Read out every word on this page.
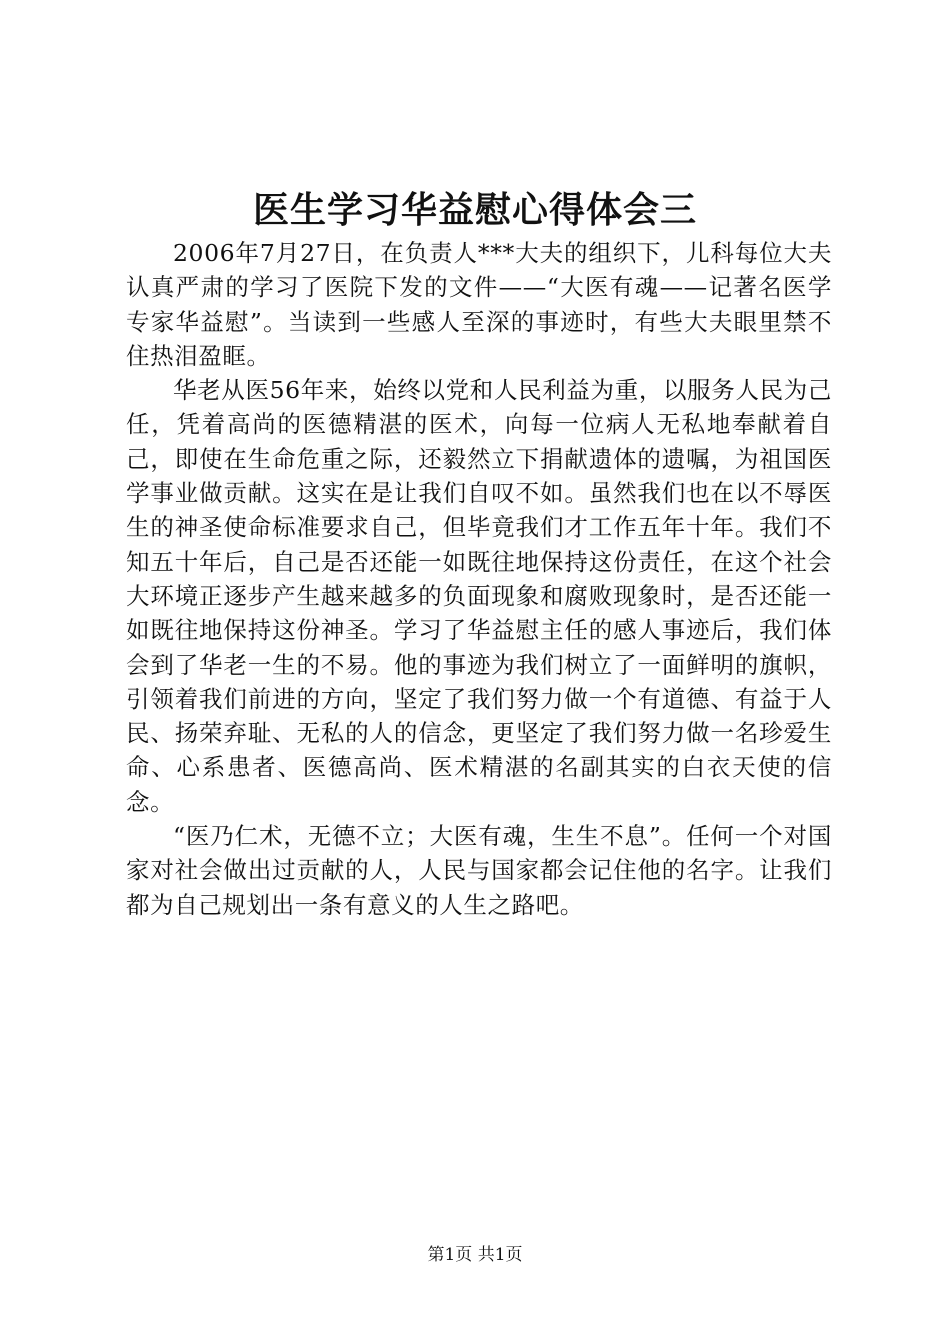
医生学习华益慰心得体会三

2006年7月27日，在负责人***大夫的组织下，儿科每位大夫认真严肃的学习了医院下发的文件——“大医有魂——记著名医学专家华益慰”。当读到一些感人至深的事迹时，有些大夫眼里禁不住热泪盈眶。

华老从医56年来，始终以党和人民利益为重，以服务人民为己任，凭着高尚的医德精湛的医术，向每一位病人无私地奉献着自己，即使在生命危重之际，还毅然立下捐献遗体的遗嘱，为祖国医学事业做贡献。这实在是让我们自叹不如。虽然我们也在以不辱医生的神圣使命标准要求自己，但毕竟我们才工作五年十年。我们不知五十年后，自己是否还能一如既往地保持这份责任，在这个社会大环境正逐步产生越来越多的负面现象和腐败现象时，是否还能一如既往地保持这份神圣。学习了华益慰主任的感人事迹后，我们体会到了华老一生的不易。他的事迹为我们树立了一面鲜明的旗帜，引领着我们前进的方向，坚定了我们努力做一个有道德、有益于人民、扬荣弃耻、无私的人的信念，更坚定了我们努力做一名珍爱生命、心系患者、医德高尚、医术精湛的名副其实的白衣天使的信念。

“医乃仁术，无德不立；大医有魂，生生不息”。任何一个对国家对社会做出过贡献的人，人民与国家都会记住他的名字。让我们都为自己规划出一条有意义的人生之路吧。

第1页 共1页
